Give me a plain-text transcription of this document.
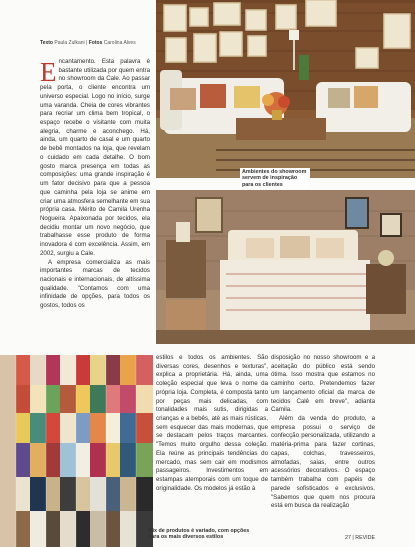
Texto Paula Zulkani | Fotos Carolina Alves

Encantamento. Esta palavra é bastante utilizada por quem entra no showroom da Cale. Ao passar pela porta, o cliente encontra um universo especial. Logo no início, surge uma varanda. Cheia de cores vibrantes para recriar um clima bem tropical, o espaço recebe o visitante com muita alegria, charme e aconchego. Há, ainda, um quarto de casal e um quarto de bebê montados na loja, que revelam o cuidado em cada detalhe. O bom gosto marca presença em todas as composições: uma grande inspiração é um fator decisivo para que a pessoa que caminha pela loja se anime em criar uma atmosfera semelhante em sua própria casa. Mérito de Camila Urenha Nogueira. Apaixonada por tecidos, ela decidiu montar um novo negócio, que trabalhasse esse produto de forma inovadora é com excelência. Assim, em 2002, surgiu a Cale.

A empresa comercializa as mais importantes marcas de tecidos nacionais e internacionais, de altíssima qualidade. "Contamos com uma infinidade de opções, para todos os gostos, todos os

Ambientes do showroom servem de inspiração para os clientes

estilos e todos os ambientes. São diversas cores, desenhos e texturas", explica a proprietária. Há, ainda, uma coleção especial que leva o nome da própria loja. Completa, é composta tanto por peças mais delicadas, com tonalidades mais sutis, dirigidas a crianças e a bebês, até as mais rústicas, sem esquecer das mais modernas, que se destacam pelos traços marcantes. "Temos muito orgulho dessa coleção. Ela reúne as principais tendências do mercado, mas sem cair em modismos passageiros. Investimentos em estampas atemporais com um toque de originalidade. Os modelos já estão à

disposição no nosso showroom e a aceitação do público está sendo ótima. Isso mostra que estamos no caminho certo. Pretendemos fazer um lançamento oficial da marca de tecidos Calê em breve", adianta Camila.

Além da venda do produto, a empresa possui o serviço de confecção personalizada, utilizando a matéria-prima para fazer cortinas, capas, colchas, travesseiros, almofadas, saias, entre outros acessórios decorativos. O espaço também trabalha com papéis de parede sofisticados e exclusivos. "Sabemos que quem nos procura está em busca da realização

Mix de produtos é variado, com opções para os mais diversos estilos	27 | REVIDE
